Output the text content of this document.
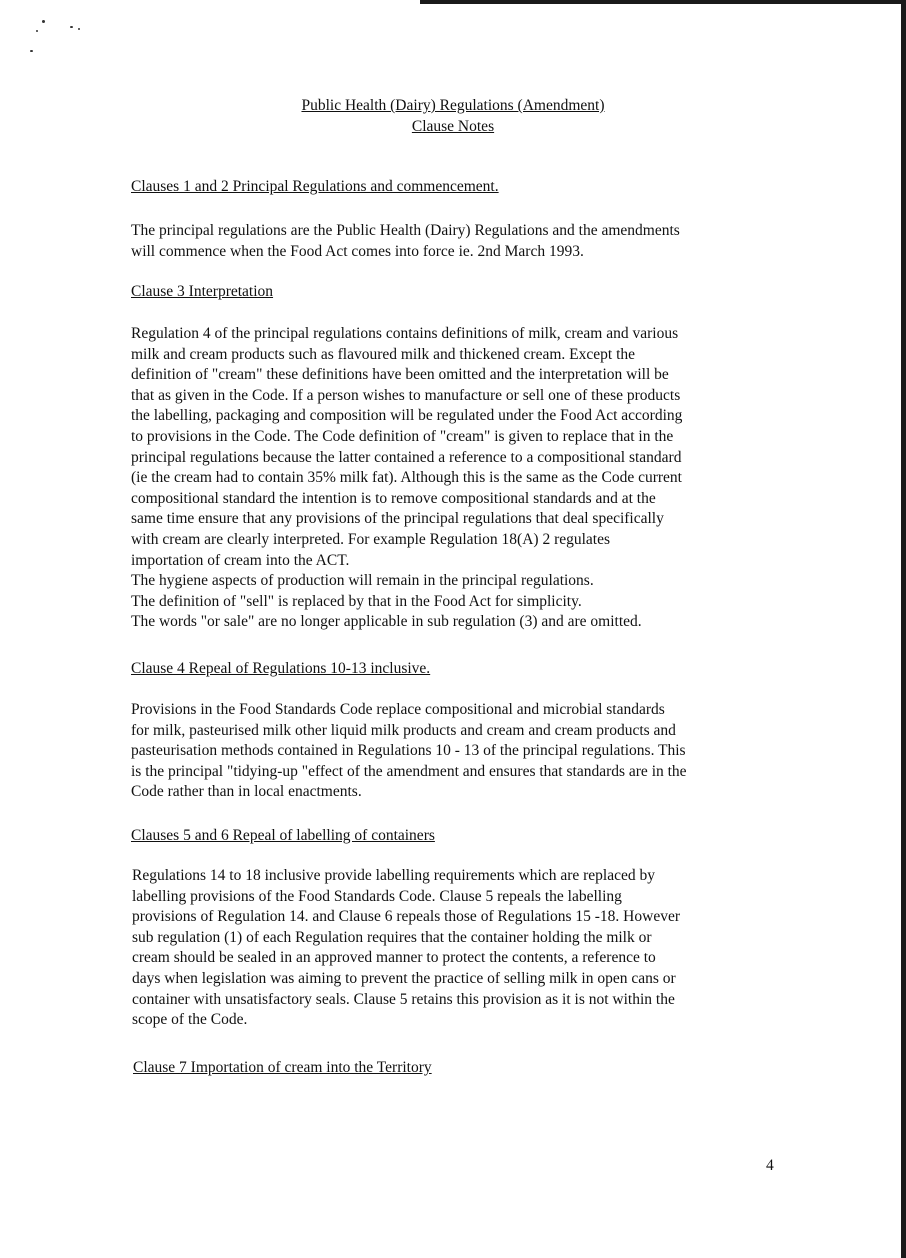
Public Health (Dairy) Regulations (Amendment)
Clause Notes
Clauses 1 and 2 Principal Regulations and commencement.
The principal regulations are the Public Health (Dairy) Regulations and the amendments
will commence when the Food Act comes into force ie. 2nd March 1993.
Clause 3 Interpretation
Regulation 4 of the principal regulations contains definitions of milk, cream and various
milk and cream products such as flavoured milk and thickened cream. Except the
definition of "cream" these definitions have been omitted and the interpretation will be
that as given in the Code. If a person wishes to manufacture or sell one of these products
the labelling, packaging and composition will be regulated under the Food Act according
to provisions in the Code. The Code definition of "cream" is given to replace that in the
principal regulations because the latter contained a reference to a compositional standard
(ie the cream had to contain 35% milk fat). Although this is the same as the Code current
compositional standard the intention is to remove compositional standards and at the
same time ensure that any provisions of the principal regulations that deal specifically
with cream are clearly interpreted. For example Regulation 18(A) 2 regulates
importation of cream into the ACT.
The hygiene aspects of production will remain in the principal regulations.
The definition of "sell" is replaced by that in the Food Act for simplicity.
The words "or sale" are no longer applicable in sub regulation (3) and are omitted.
Clause 4 Repeal of Regulations 10-13 inclusive.
Provisions in the Food Standards Code replace compositional and microbial standards
for milk, pasteurised milk other liquid milk products and cream and cream products and
pasteurisation methods contained in Regulations 10 - 13 of the principal regulations. This
is the principal "tidying-up "effect of the amendment and ensures that standards are in the
Code rather than in local enactments.
Clauses 5 and 6 Repeal of labelling of containers
Regulations 14 to 18 inclusive provide labelling requirements which are replaced by
labelling provisions of the Food Standards Code. Clause 5 repeals the labelling
provisions of Regulation 14. and Clause 6 repeals those of Regulations 15 -18. However
sub regulation (1) of each Regulation requires that the container holding the milk or
cream should be sealed in an approved manner to protect the contents, a reference to
days when legislation was aiming to prevent the practice of selling milk in open cans or
container with unsatisfactory seals. Clause 5 retains this provision as it is not within the
scope of the Code.
Clause 7 Importation of cream into the Territory
4
